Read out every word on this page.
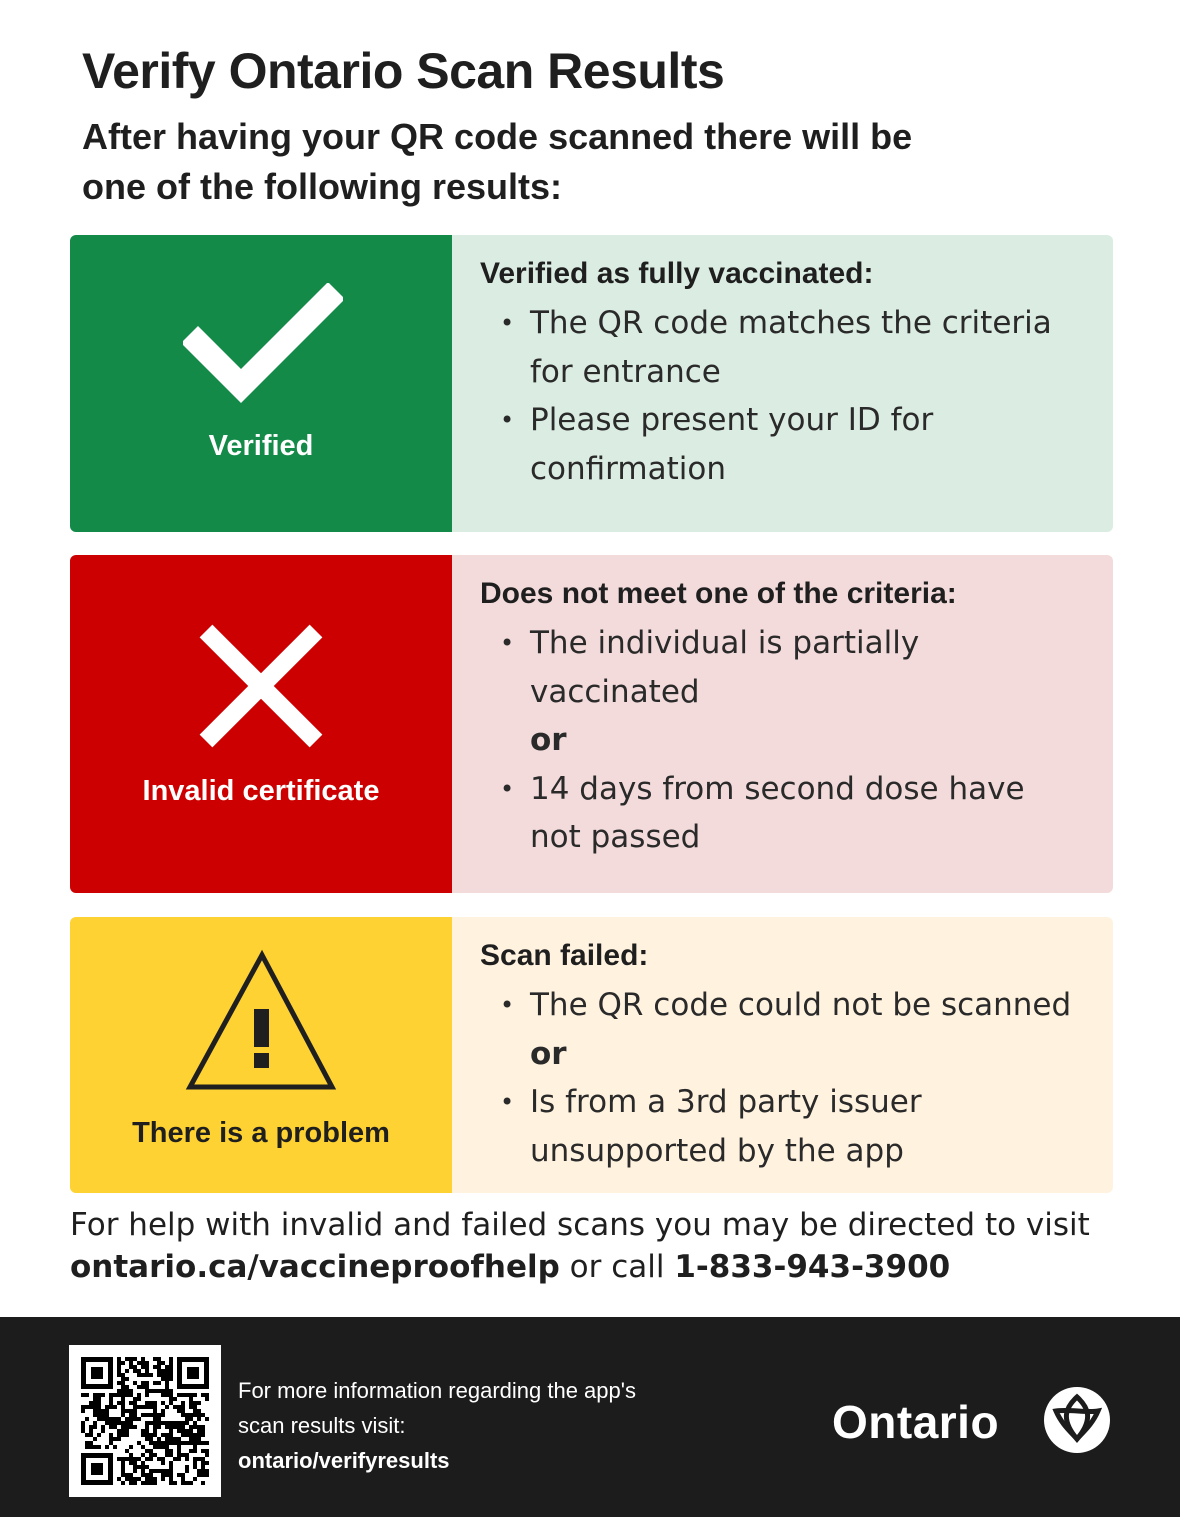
Verify Ontario Scan Results

After having your QR code scanned there will be one of the following results:

Verified

Verified as fully vaccinated:

• The QR code matches the criteria for entrance
• Please present your ID for confirmation
Invalid certificate

Does not meet one of the criteria:

• The individual is partially vaccinated
or
• 14 days from second dose have not passed
There is a problem

Scan failed:

• The QR code could not be scanned
or
• Is from a 3rd party issuer unsupported by the app

For help with invalid and failed scans you may be directed to visit
ontario.ca/vaccineproofhelp or call 1-833-943-3900

For more information regarding the app's scan results visit:
ontario/verifyresults
Ontario
